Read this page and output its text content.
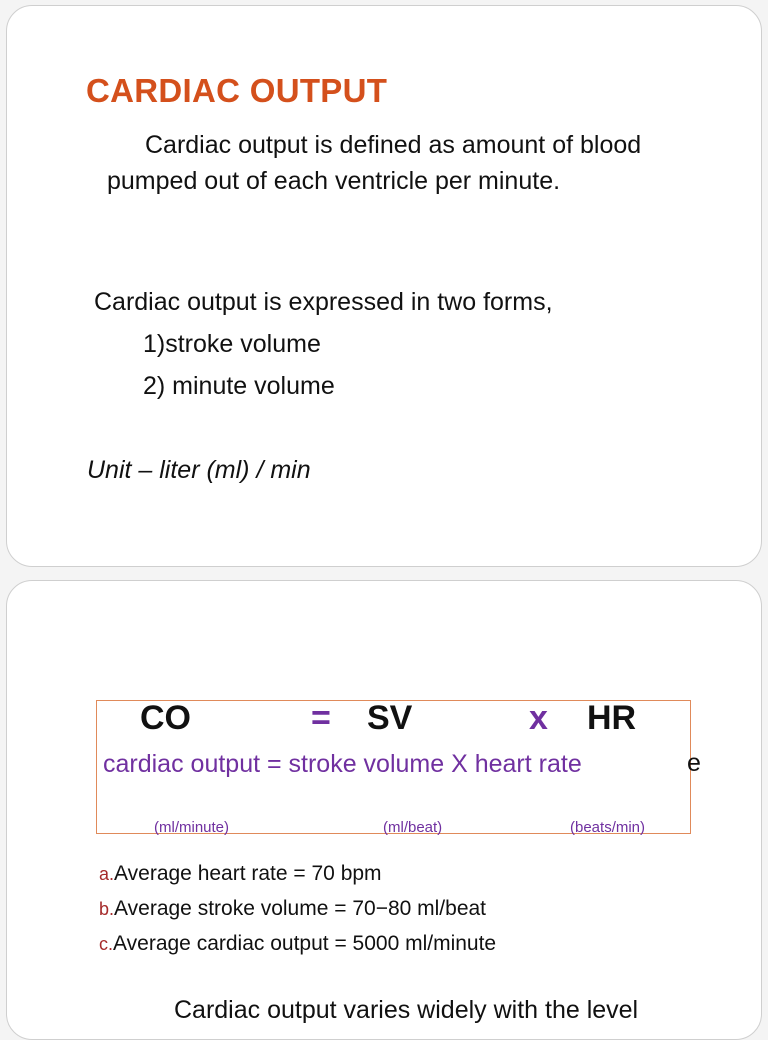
CARDIAC OUTPUT
Cardiac output is defined as amount of blood pumped out of each ventricle per minute.
Cardiac output is expressed in two forms,
1)stroke volume
2) minute volume
Unit – liter (ml) / min
CO	= SV	x HR
cardiac output = stroke volume X heart rate	e
(ml/minute)	(ml/beat)	(beats/min)
a.Average heart rate = 70 bpm
b.Average stroke volume = 70−80 ml/beat
c.Average cardiac output = 5000 ml/minute
Cardiac output varies widely with the level
